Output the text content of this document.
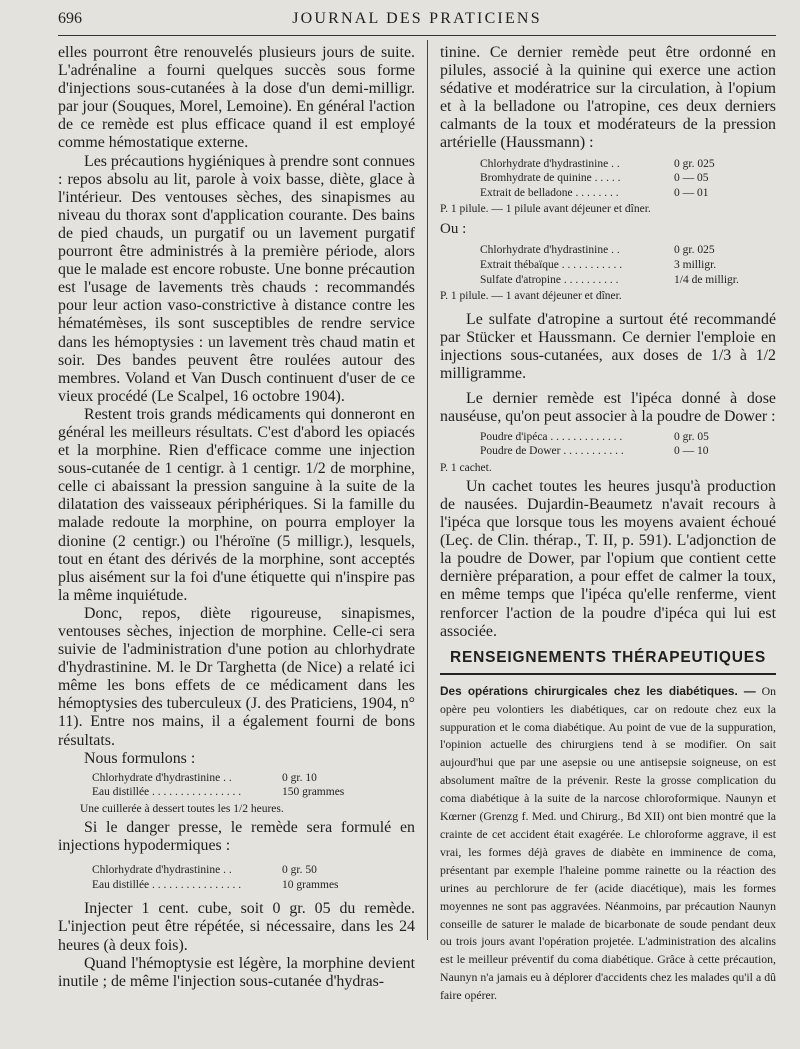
696	JOURNAL DES PRATICIENS

elles pourront être renouvelés plusieurs jours de suite. L'adrénaline a fourni quelques succès sous forme d'injections sous-cutanées à la dose d'un demi-milligr. par jour (Souques, Morel, Lemoine). En général l'action de ce remède est plus efficace quand il est employé comme hémostatique externe.

Les précautions hygiéniques à prendre sont connues : repos absolu au lit, parole à voix basse, diète, glace à l'intérieur. Des ventouses sèches, des sinapismes au niveau du thorax sont d'application courante. Des bains de pied chauds, un purgatif ou un lavement purgatif pourront être administrés à la première période, alors que le malade est encore robuste. Une bonne précaution est l'usage de lavements très chauds : recommandés pour leur action vaso-constrictive à distance contre les hématémèses, ils sont susceptibles de rendre service dans les hémoptysies : un lavement très chaud matin et soir. Des bandes peuvent être roulées autour des membres. Voland et Van Dusch continuent d'user de ce vieux procédé (Le Scalpel, 16 octobre 1904).

Restent trois grands médicaments qui donneront en général les meilleurs résultats. C'est d'abord les opiacés et la morphine. Rien d'efficace comme une injection sous-cutanée de 1 centigr. à 1 centigr. 1/2 de morphine, celle ci abaissant la pression sanguine à la suite de la dilatation des vaisseaux périphériques. Si la famille du malade redoute la morphine, on pourra employer la dionine (2 centigr.) ou l'héroïne (5 milligr.), lesquels, tout en étant des dérivés de la morphine, sont acceptés plus aisément sur la foi d'une étiquette qui n'inspire pas la même inquiétude.

Donc, repos, diète rigoureuse, sinapismes, ventouses sèches, injection de morphine. Celle-ci sera suivie de l'administration d'une potion au chlorhydrate d'hydrastinine. M. le Dr Targhetta (de Nice) a relaté ici même les bons effets de ce médicament dans les hémoptysies des tuberculeux (J. des Praticiens, 1904, n° 11). Entre nos mains, il a également fourni de bons résultats.

Nous formulons :

Chlorhydrate d'hydrastinine . .	0 gr. 10
Eau distillée . . . . . . . . . . . . . . . .	150 grammes
Une cuillerée à dessert toutes les 1/2 heures.

Si le danger presse, le remède sera formulé en injections hypodermiques :

Chlorhydrate d'hydrastinine . .	0 gr. 50
Eau distillée . . . . . . . . . . . . . . . .	10 grammes

Injecter 1 cent. cube, soit 0 gr. 05 du remède. L'injection peut être répétée, si nécessaire, dans les 24 heures (à deux fois).

Quand l'hémoptysie est légère, la morphine devient inutile ; de même l'injection sous-cutanée d'hydras-

tinine. Ce dernier remède peut être ordonné en pilules, associé à la quinine qui exerce une action sédative et modératrice sur la circulation, à l'opium et à la belladone ou l'atropine, ces deux derniers calmants de la toux et modérateurs de la pression artérielle (Haussmann) :

Chlorhydrate d'hydrastinine . .	0 gr. 025
Bromhydrate de quinine . . . . .	0 — 05
Extrait de belladone . . . . . . . .	0 — 01
P. 1 pilule. — 1 pilule avant déjeuner et dîner.
Ou :
Chlorhydrate d'hydrastinine . .	0 gr. 025
Extrait thébaïque . . . . . . . . . . .	3 milligr.
Sulfate d'atropine . . . . . . . . . .	1/4 de milligr.
P. 1 pilule. — 1 avant déjeuner et dîner.

Le sulfate d'atropine a surtout été recommandé par Stücker et Haussmann. Ce dernier l'emploie en injections sous-cutanées, aux doses de 1/3 à 1/2 milligramme.

Le dernier remède est l'ipéca donné à dose nauséuse, qu'on peut associer à la poudre de Dower :

Poudre d'ipéca . . . . . . . . . . . . .	0 gr. 05
Poudre de Dower . . . . . . . . . . .	0 — 10
P. 1 cachet.

Un cachet toutes les heures jusqu'à production de nausées. Dujardin-Beaumetz n'avait recours à l'ipéca que lorsque tous les moyens avaient échoué (Leç. de Clin. thérap., T. II, p. 591). L'adjonction de la poudre de Dower, par l'opium que contient cette dernière préparation, a pour effet de calmer la toux, en même temps que l'ipéca qu'elle renferme, vient renforcer l'action de la poudre d'ipéca qui lui est associée.

RENSEIGNEMENTS THÉRAPEUTIQUES

Des opérations chirurgicales chez les diabétiques. — On opère peu volontiers les diabétiques, car on redoute chez eux la suppuration et le coma diabétique. Au point de vue de la suppuration, l'opinion actuelle des chirurgiens tend à se modifier. On sait aujourd'hui que par une asepsie ou une antisepsie soigneuse, on est absolument maître de la prévenir. Reste la grosse complication du coma diabétique à la suite de la narcose chloroformique. Naunyn et Kœrner (Grenzg f. Med. und Chirurg., Bd XII) ont bien montré que la crainte de cet accident était exagérée. Le chloroforme aggrave, il est vrai, les formes déjà graves de diabète en imminence de coma, présentant par exemple l'haleine pomme rainette ou la réaction des urines au perchlorure de fer (acide diacétique), mais les formes moyennes ne sont pas aggravées. Néanmoins, par précaution Naunyn conseille de saturer le malade de bicarbonate de soude pendant deux ou trois jours avant l'opération projetée. L'administration des alcalins est le meilleur préventif du coma diabétique. Grâce à cette précaution, Naunyn n'a jamais eu à déplorer d'accidents chez les malades qu'il a dû faire opérer.
